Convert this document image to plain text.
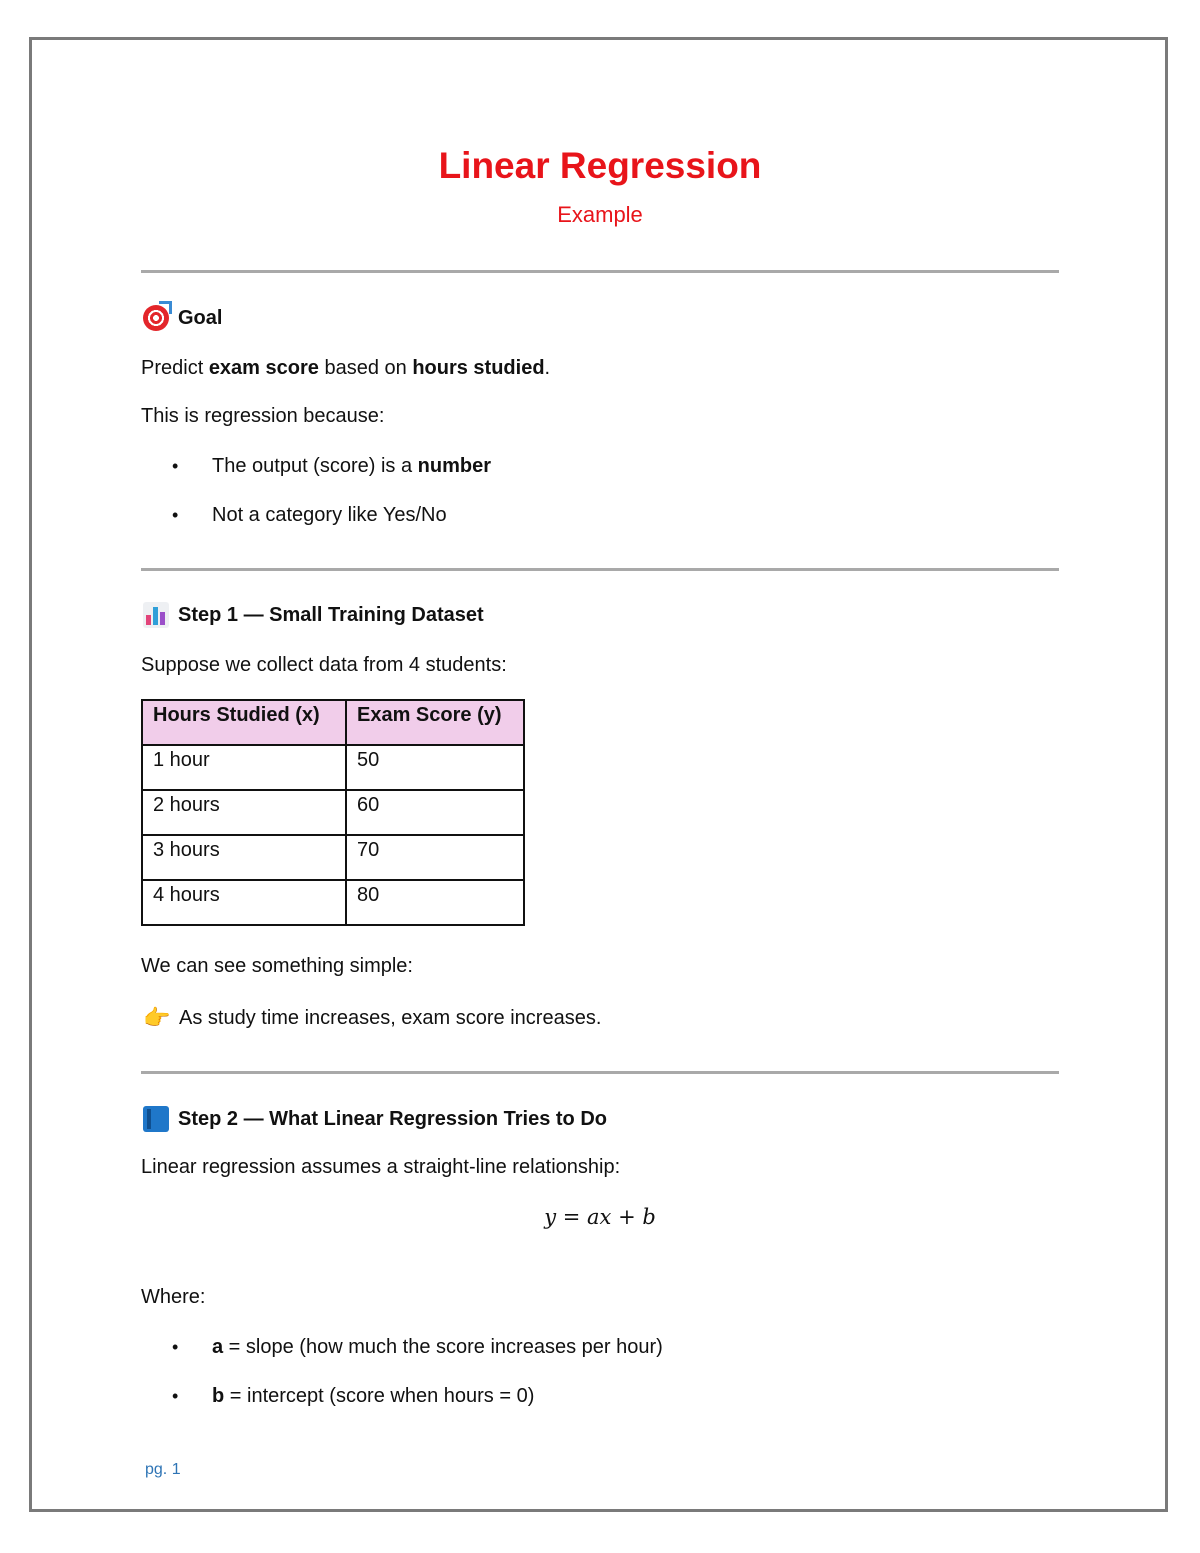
Linear Regression
Example
Goal
Predict exam score based on hours studied.
This is regression because:
•The output (score) is a number
•Not a category like Yes/No
Step 1 — Small Training Dataset
Suppose we collect data from 4 students:
Hours Studied (x)	Exam Score (y)
1 hour	50
2 hours	60
3 hours	70
4 hours	80
We can see something simple:
👉 As study time increases, exam score increases.
Step 2 — What Linear Regression Tries to Do
Linear regression assumes a straight-line relationship:
𝑦 = 𝑎𝑥 + 𝑏
Where:
•a = slope (how much the score increases per hour)
•b = intercept (score when hours = 0)
pg. 1
